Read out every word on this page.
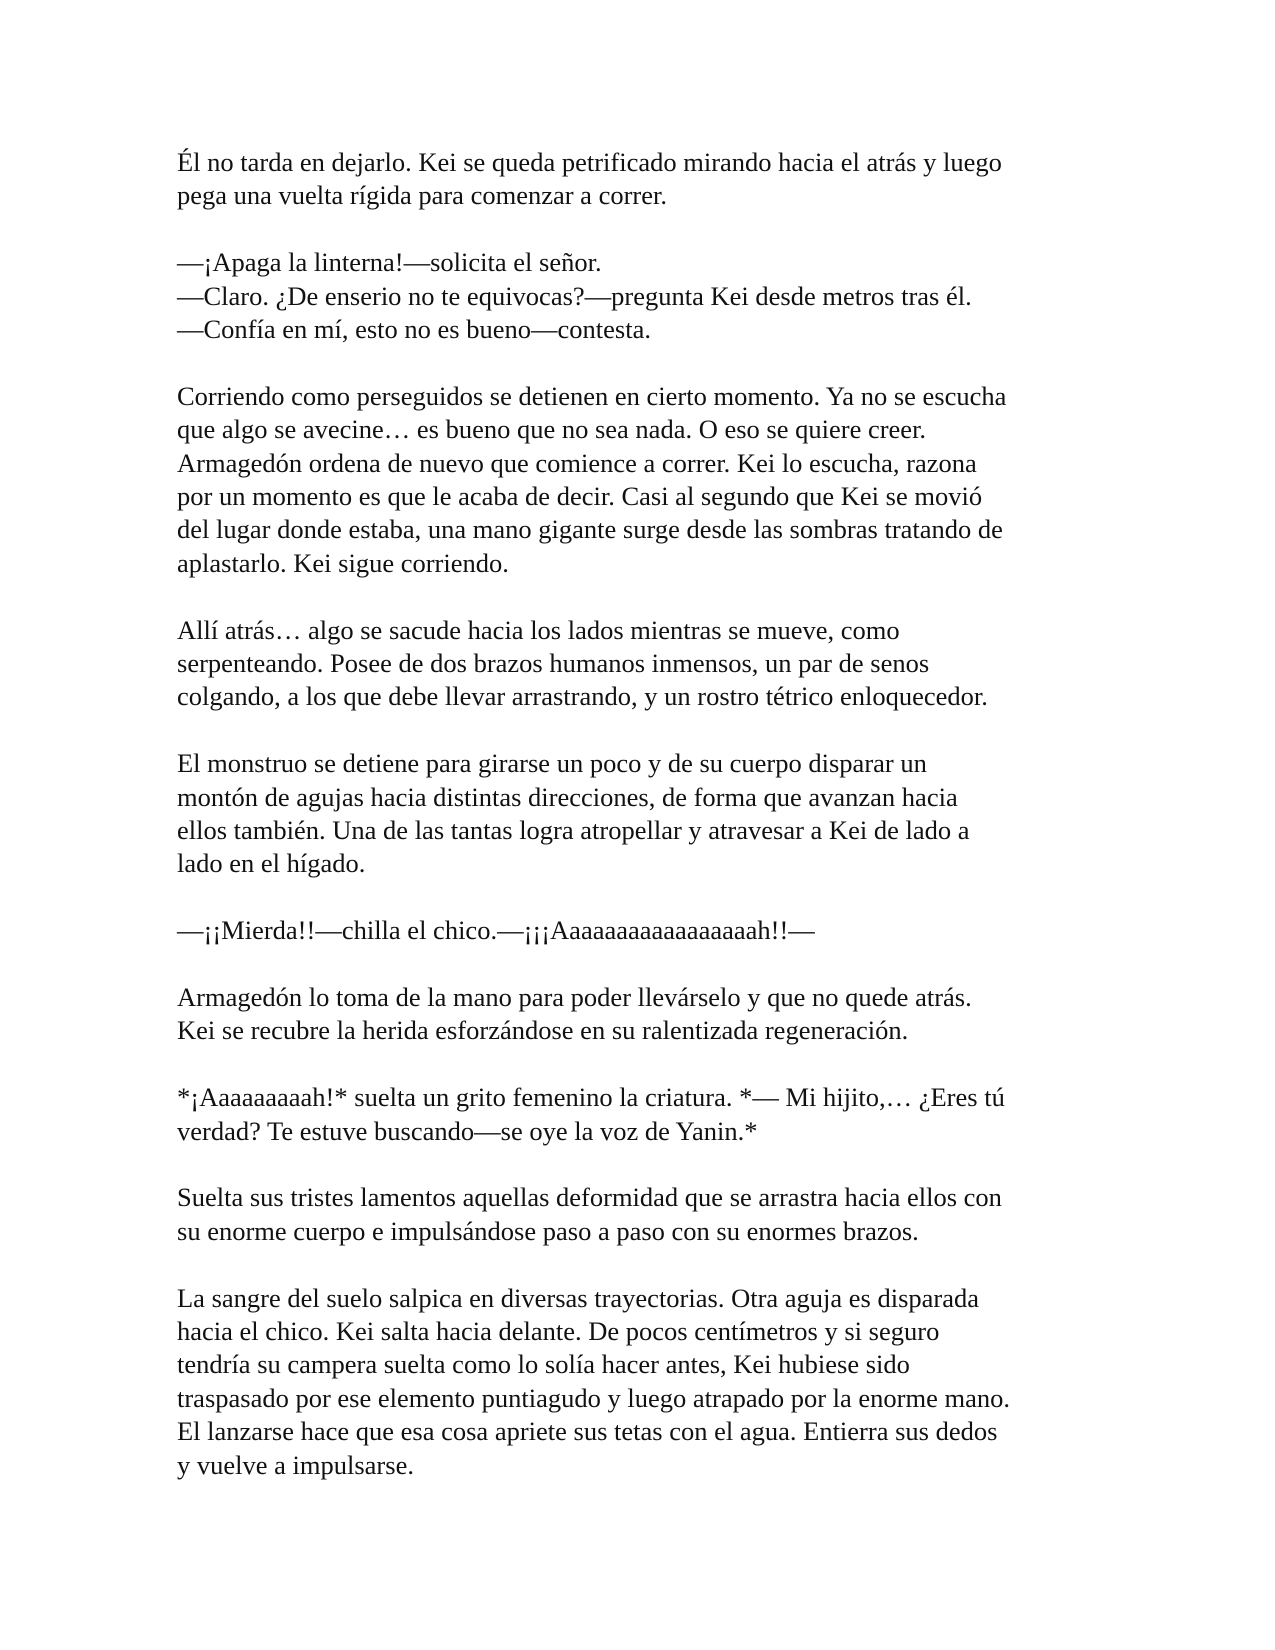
Él no tarda en dejarlo. Kei se queda petrificado mirando hacia el atrás y luego
pega una vuelta rígida para comenzar a correr.

—¡Apaga la linterna!—solicita el señor.
—Claro. ¿De enserio no te equivocas?—pregunta Kei desde metros tras él.
—Confía en mí, esto no es bueno—contesta.

Corriendo como perseguidos se detienen en cierto momento. Ya no se escucha
que algo se avecine… es bueno que no sea nada. O eso se quiere creer.
Armagedón ordena de nuevo que comience a correr. Kei lo escucha, razona
por un momento es que le acaba de decir. Casi al segundo que Kei se movió
del lugar donde estaba, una mano gigante surge desde las sombras tratando de
aplastarlo. Kei sigue corriendo.

Allí atrás… algo se sacude hacia los lados mientras se mueve, como
serpenteando. Posee de dos brazos humanos inmensos, un par de senos
colgando, a los que debe llevar arrastrando, y un rostro tétrico enloquecedor.

El monstruo se detiene para girarse un poco y de su cuerpo disparar un
montón de agujas hacia distintas direcciones, de forma que avanzan hacia
ellos también. Una de las tantas logra atropellar y atravesar a Kei de lado a
lado en el hígado.

—¡¡Mierda!!—chilla el chico.—¡¡¡Aaaaaaaaaaaaaaaaah!!—

Armagedón lo toma de la mano para poder llevárselo y que no quede atrás.
Kei se recubre la herida esforzándose en su ralentizada regeneración.

*¡Aaaaaaaaah!* suelta un grito femenino la criatura. *— Mi hijito,… ¿Eres tú
verdad? Te estuve buscando—se oye la voz de Yanin.*

Suelta sus tristes lamentos aquellas deformidad que se arrastra hacia ellos con
su enorme cuerpo e impulsándose paso a paso con su enormes brazos.

La sangre del suelo salpica en diversas trayectorias. Otra aguja es disparada
hacia el chico. Kei salta hacia delante. De pocos centímetros y si seguro
tendría su campera suelta como lo solía hacer antes, Kei hubiese sido
traspasado por ese elemento puntiagudo y luego atrapado por la enorme mano.
El lanzarse hace que esa cosa apriete sus tetas con el agua. Entierra sus dedos
y vuelve a impulsarse.
